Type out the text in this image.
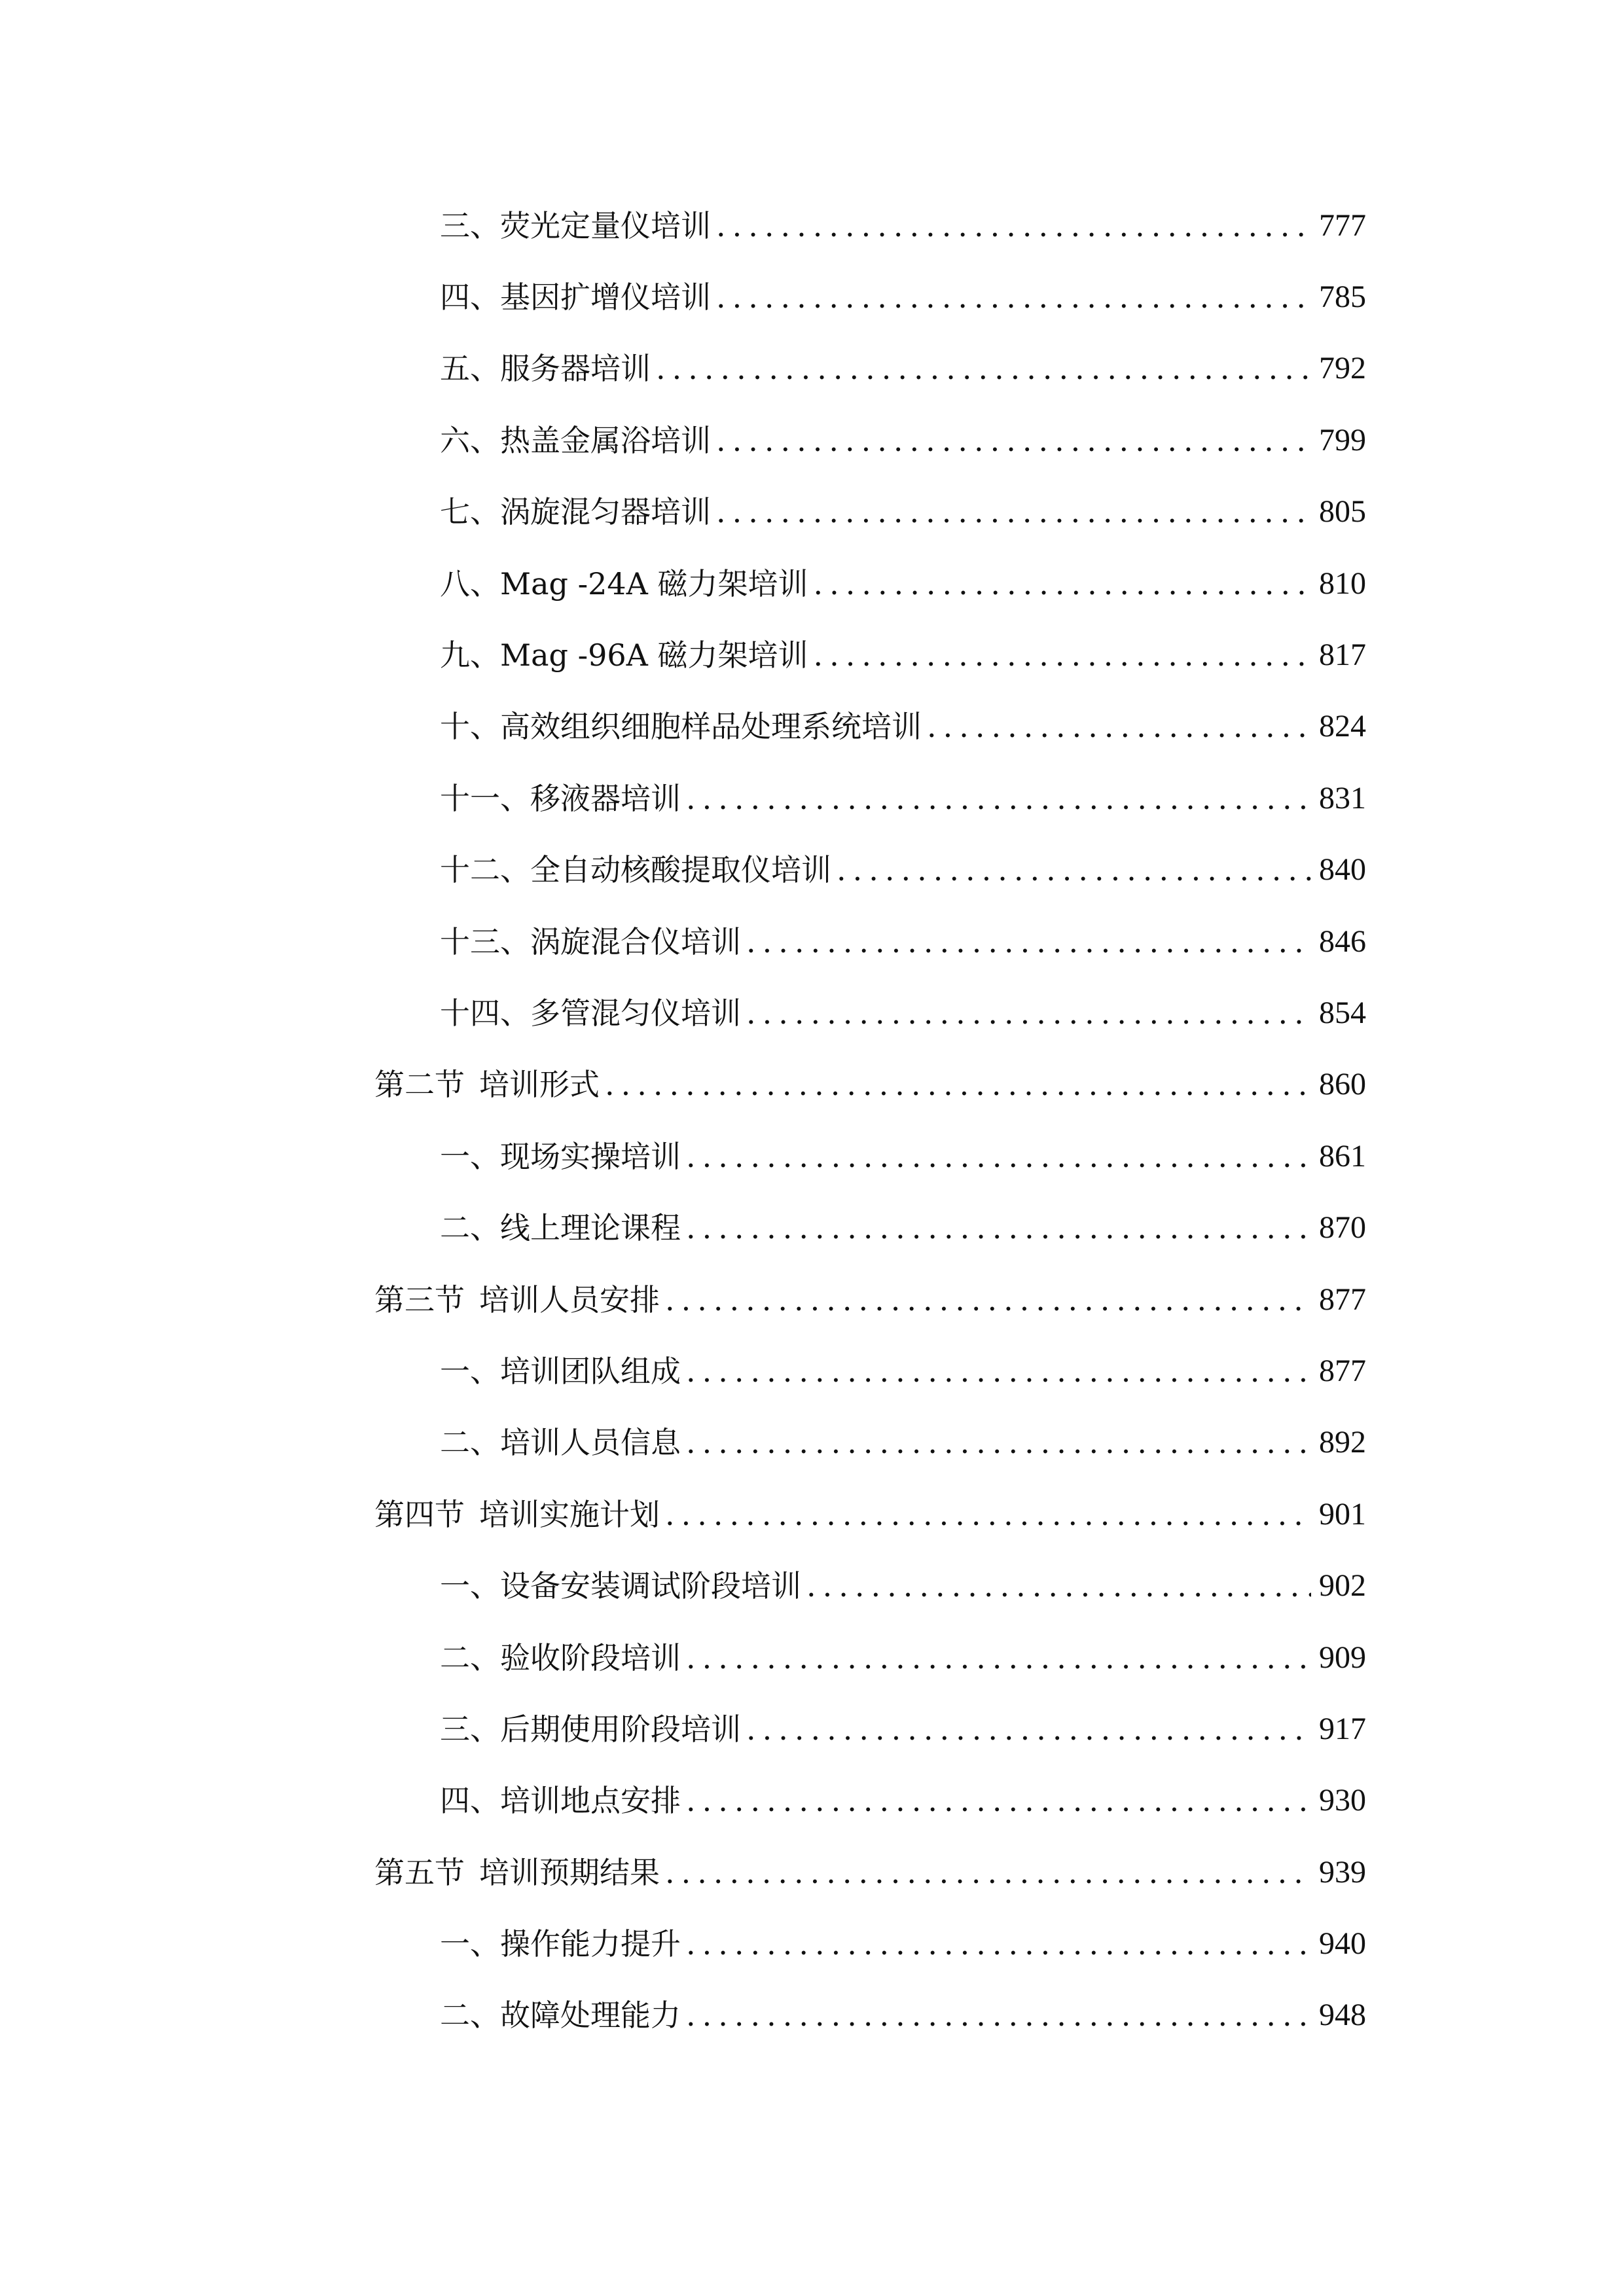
三、 荧光定量仪培训 .....	777
四、 基因扩增仪培训 .....	785
五、 服务器培训 .....	792
六、 热盖金属浴培训 .....	799
七、 涡旋混匀器培训 .....	805
八、 Mag -24A 磁力架培训 .....	810
九、 Mag -96A 磁力架培训 .....	817
十、 高效组织细胞样品处理系统培训 .....	824
十一、 移液器培训 .....	831
十二、 全自动核酸提取仪培训 .....	840
十三、 涡旋混合仪培训 .....	846
十四、 多管混匀仪培训 .....	854
第二节 培训形式 .....	860
一、 现场实操培训 .....	861
二、 线上理论课程 .....	870
第三节 培训人员安排 .....	877
一、 培训团队组成 .....	877
二、 培训人员信息 .....	892
第四节 培训实施计划 .....	901
一、 设备安装调试阶段培训 .....	902
二、 验收阶段培训 .....	909
三、 后期使用阶段培训 .....	917
四、 培训地点安排 .....	930
第五节 培训预期结果 .....	939
一、 操作能力提升 .....	940
二、 故障处理能力 .....	948
